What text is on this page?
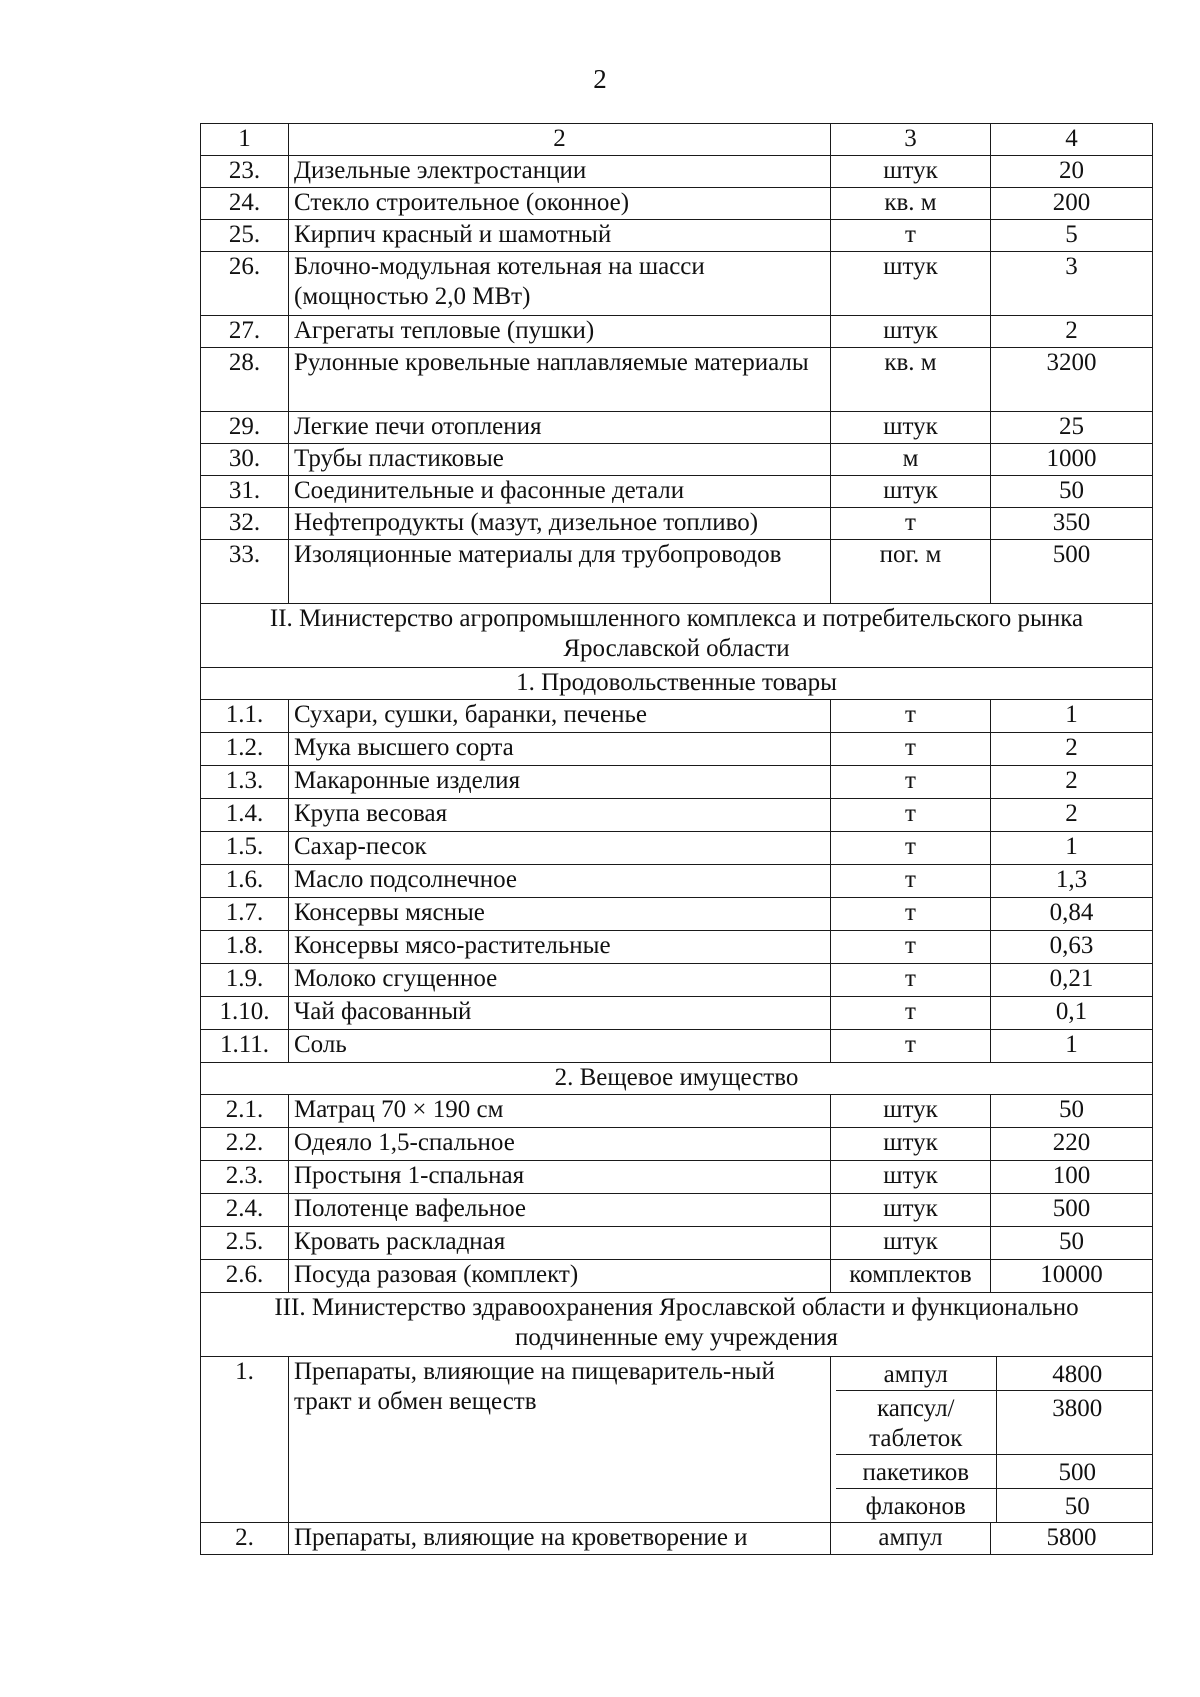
2
1	2	3	4
23.	Дизельные электростанции	штук	20
24.	Стекло строительное (оконное)	кв. м	200
25.	Кирпич красный и шамотный	т	5
26.	Блочно-модульная котельная на шасси (мощностью 2,0 МВт)	штук	3
27.	Агрегаты тепловые (пушки)	штук	2
28.	Рулонные кровельные наплавляемые материалы	кв. м	3200
29.	Легкие печи отопления	штук	25
30.	Трубы пластиковые	м	1000
31.	Соединительные и фасонные детали	штук	50
32.	Нефтепродукты (мазут, дизельное топливо)	т	350
33.	Изоляционные материалы для трубопроводов	пог. м	500
II. Министерство агропромышленного комплекса и потребительского рынка Ярославской области
1. Продовольственные товары
1.1.	Сухари, сушки, баранки, печенье	т	1
1.2.	Мука высшего сорта	т	2
1.3.	Макаронные изделия	т	2
1.4.	Крупа весовая	т	2
1.5.	Сахар-песок	т	1
1.6.	Масло подсолнечное	т	1,3
1.7.	Консервы мясные	т	0,84
1.8.	Консервы мясо-растительные	т	0,63
1.9.	Молоко сгущенное	т	0,21
1.10.	Чай фасованный	т	0,1
1.11.	Соль	т	1
2. Вещевое имущество
2.1.	Матрац 70 × 190 см	штук	50
2.2.	Одеяло 1,5-спальное	штук	220
2.3.	Простыня 1-спальная	штук	100
2.4.	Полотенце вафельное	штук	500
2.5.	Кровать раскладная	штук	50
2.6.	Посуда разовая (комплект)	комплектов	10000
III. Министерство здравоохранения Ярославской области и функционально подчиненные ему учреждения
1.	Препараты, влияющие на пищеваритель-ный тракт и обмен веществ	
ампул	4800
капсул/ таблеток	3800
пакетиков	500
флаконов	50

2.	Препараты, влияющие на кроветворение и	ампул	5800
